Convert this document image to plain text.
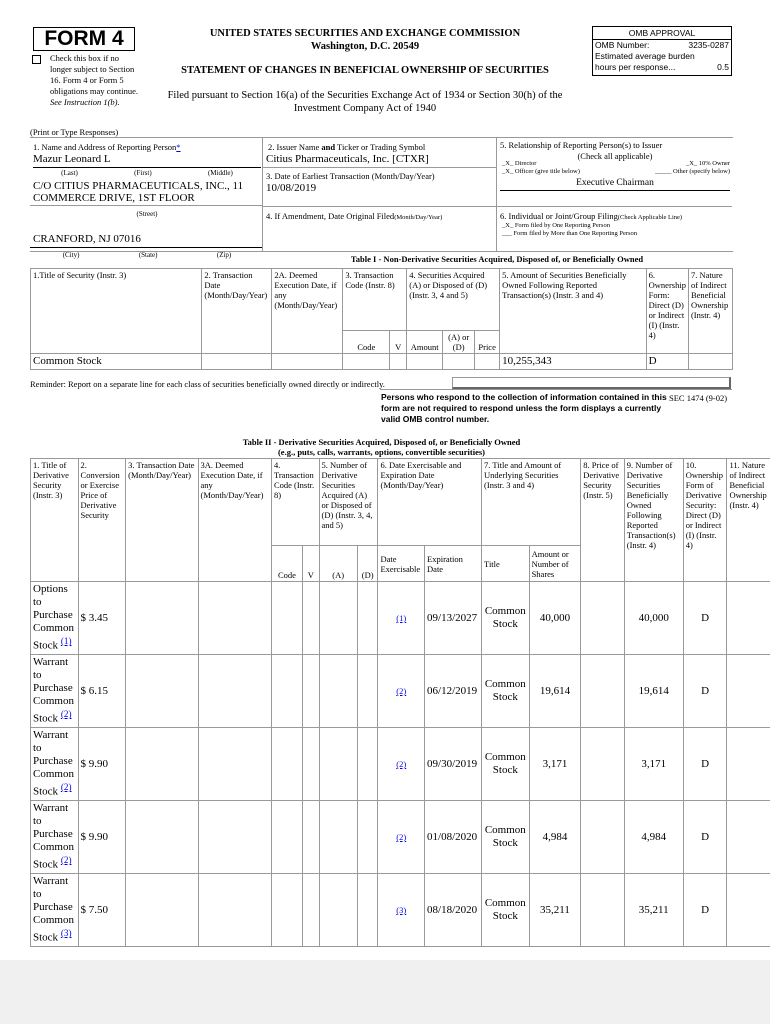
FORM 4
Check this box if no longer subject to Section 16. Form 4 or Form 5 obligations may continue. See Instruction 1(b).
UNITED STATES SECURITIES AND EXCHANGE COMMISSION
Washington, D.C. 20549
STATEMENT OF CHANGES IN BENEFICIAL OWNERSHIP OF SECURITIES
Filed pursuant to Section 16(a) of the Securities Exchange Act of 1934 or Section 30(h) of the
Investment Company Act of 1940
OMB APPROVAL
OMB Number:	3235-0287
Estimated average burden
hours per response...	0.5
(Print or Type Responses)
1. Name and Address of Reporting Person*
Mazur Leonard L
(Last)	(First)	(Middle)
C/O CITIUS PHARMACEUTICALS, INC., 11 COMMERCE DRIVE, 1ST FLOOR
(Street)
CRANFORD, NJ 07016
(City)	(State)	(Zip)
2. Issuer Name and Ticker or Trading Symbol
Citius Pharmaceuticals, Inc. [CTXR]
3. Date of Earliest Transaction (Month/Day/Year)
10/08/2019
4. If Amendment, Date Original Filed(Month/Day/Year)
5. Relationship of Reporting Person(s) to Issuer
(Check all applicable)
_X_ Director	_X_ 10% Owner
_X_ Officer (give title below)	_____ Other (specify below)
Executive Chairman
6. Individual or Joint/Group Filing(Check Applicable Line)
_X_ Form filed by One Reporting Person
___ Form filed by More than One Reporting Person
Table I - Non-Derivative Securities Acquired, Disposed of, or Beneficially Owned
1.Title of Security (Instr. 3)	2. Transaction Date (Month/Day/Year)	2A. Deemed Execution Date, if any (Month/Day/Year)	3. Transaction Code (Instr. 8)		4. Securities Acquired (A) or Disposed of (D) (Instr. 3, 4 and 5)			5. Amount of Securities Beneficially Owned Following Reported Transaction(s) (Instr. 3 and 4)	6. Ownership Form: Direct (D) or Indirect (I) (Instr. 4)	7. Nature of Indirect Beneficial Ownership (Instr. 4)
			Code	V	Amount	(A) or (D)	Price			
Common Stock								10,255,343	D	
Reminder: Report on a separate line for each class of securities beneficially owned directly or indirectly.
Persons who respond to the collection of information contained in this form are not required to respond unless the form displays a currently valid OMB control number.
SEC 1474 (9-02)
Table II - Derivative Securities Acquired, Disposed of, or Beneficially Owned
(e.g., puts, calls, warrants, options, convertible securities)
1. Title of Derivative Security (Instr. 3)	2. Conversion or Exercise Price of Derivative Security	3. Transaction Date (Month/Day/Year)	3A. Deemed Execution Date, if any (Month/Day/Year)	4. Transaction Code (Instr. 8)		5. Number of Derivative Securities Acquired (A) or Disposed of (D) (Instr. 3, 4, and 5)		6. Date Exercisable and Expiration Date (Month/Day/Year)		7. Title and Amount of Underlying Securities (Instr. 3 and 4)		8. Price of Derivative Security (Instr. 5)	9. Number of Derivative Securities Beneficially Owned Following Reported Transaction(s) (Instr. 4)	10. Ownership Form of Derivative Security: Direct (D) or Indirect (I) (Instr. 4)	11. Nature of Indirect Beneficial Ownership (Instr. 4)
				Code	V	(A)	(D)	Date Exercisable	Expiration Date	Title	Amount or Number of Shares				
Options to Purchase Common Stock $^{(1)}$	$ 3.45							(1)	09/13/2027	Common Stock	40,000		40,000	D	
Warrant to Purchase Common Stock $^{(2)}$	$ 6.15							(2)	06/12/2019	Common Stock	19,614		19,614	D	
Warrant to Purchase Common Stock $^{(2)}$	$ 9.90							(2)	09/30/2019	Common Stock	3,171		3,171	D	
Warrant to Purchase Common Stock $^{(2)}$	$ 9.90							(2)	01/08/2020	Common Stock	4,984		4,984	D	
Warrant to Purchase Common Stock $^{(3)}$	$ 7.50							(3)	08/18/2020	Common Stock	35,211		35,211	D	
